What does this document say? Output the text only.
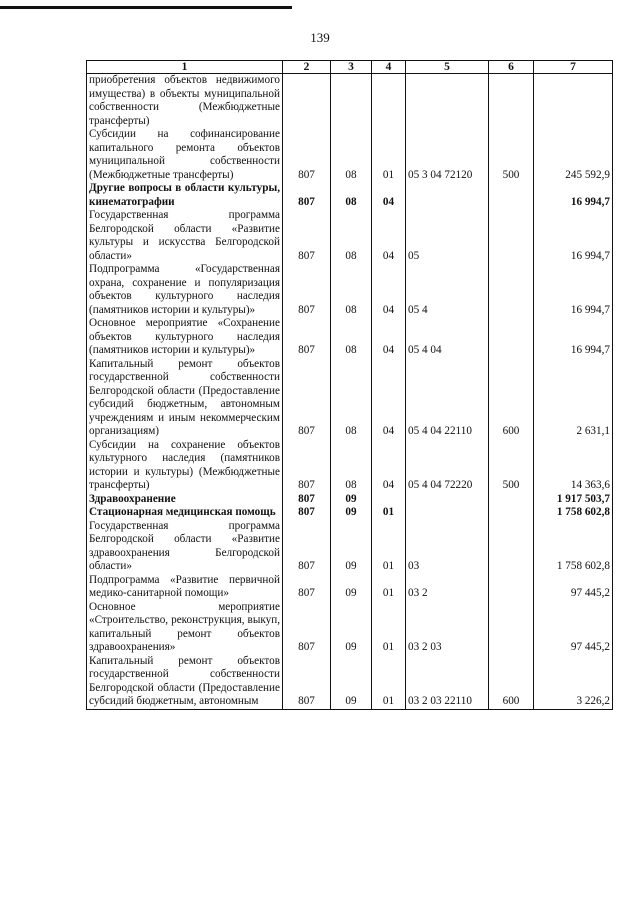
139
1	2	3	4	5	6	7
приобретения объектов недвижимого имущества) в объекты муниципальной собственности (Межбюджетные трансферты)						
Субсидии на софинансирование капитального ремонта объектов муниципальной собственности (Межбюджетные трансферты)	807	08	01	05 3 04 72120	500	245 592,9
Другие вопросы в области культуры, кинематографии	807	08	04			16 994,7
Государственная программа Белгородской области «Развитие культуры и искусства Белгородской области»	807	08	04	05		16 994,7
Подпрограмма «Государственная охрана, сохранение и популяризация объектов культурного наследия (памятников истории и культуры)»	807	08	04	05 4		16 994,7
Основное мероприятие «Сохранение объектов культурного наследия (памятников истории и культуры)»	807	08	04	05 4 04		16 994,7
Капитальный ремонт объектов государственной собственности Белгородской области (Предоставление субсидий бюджетным, автономным учреждениям и иным некоммерческим организациям)	807	08	04	05 4 04 22110	600	2 631,1
Субсидии на сохранение объектов культурного наследия (памятников истории и культуры) (Межбюджетные трансферты)	807	08	04	05 4 04 72220	500	14 363,6
Здравоохранение	807	09				1 917 503,7
Стационарная медицинская помощь	807	09	01			1 758 602,8
Государственная программа Белгородской области «Развитие здравоохранения Белгородской области»	807	09	01	03		1 758 602,8
Подпрограмма «Развитие первичной медико-санитарной помощи»	807	09	01	03 2		97 445,2
Основное мероприятие «Строительство, реконструкция, выкуп, капитальный ремонт объектов здравоохранения»	807	09	01	03 2 03		97 445,2
Капитальный ремонт объектов государственной собственности Белгородской области (Предоставление субсидий бюджетным, автономным	807	09	01	03 2 03 22110	600	3 226,2
